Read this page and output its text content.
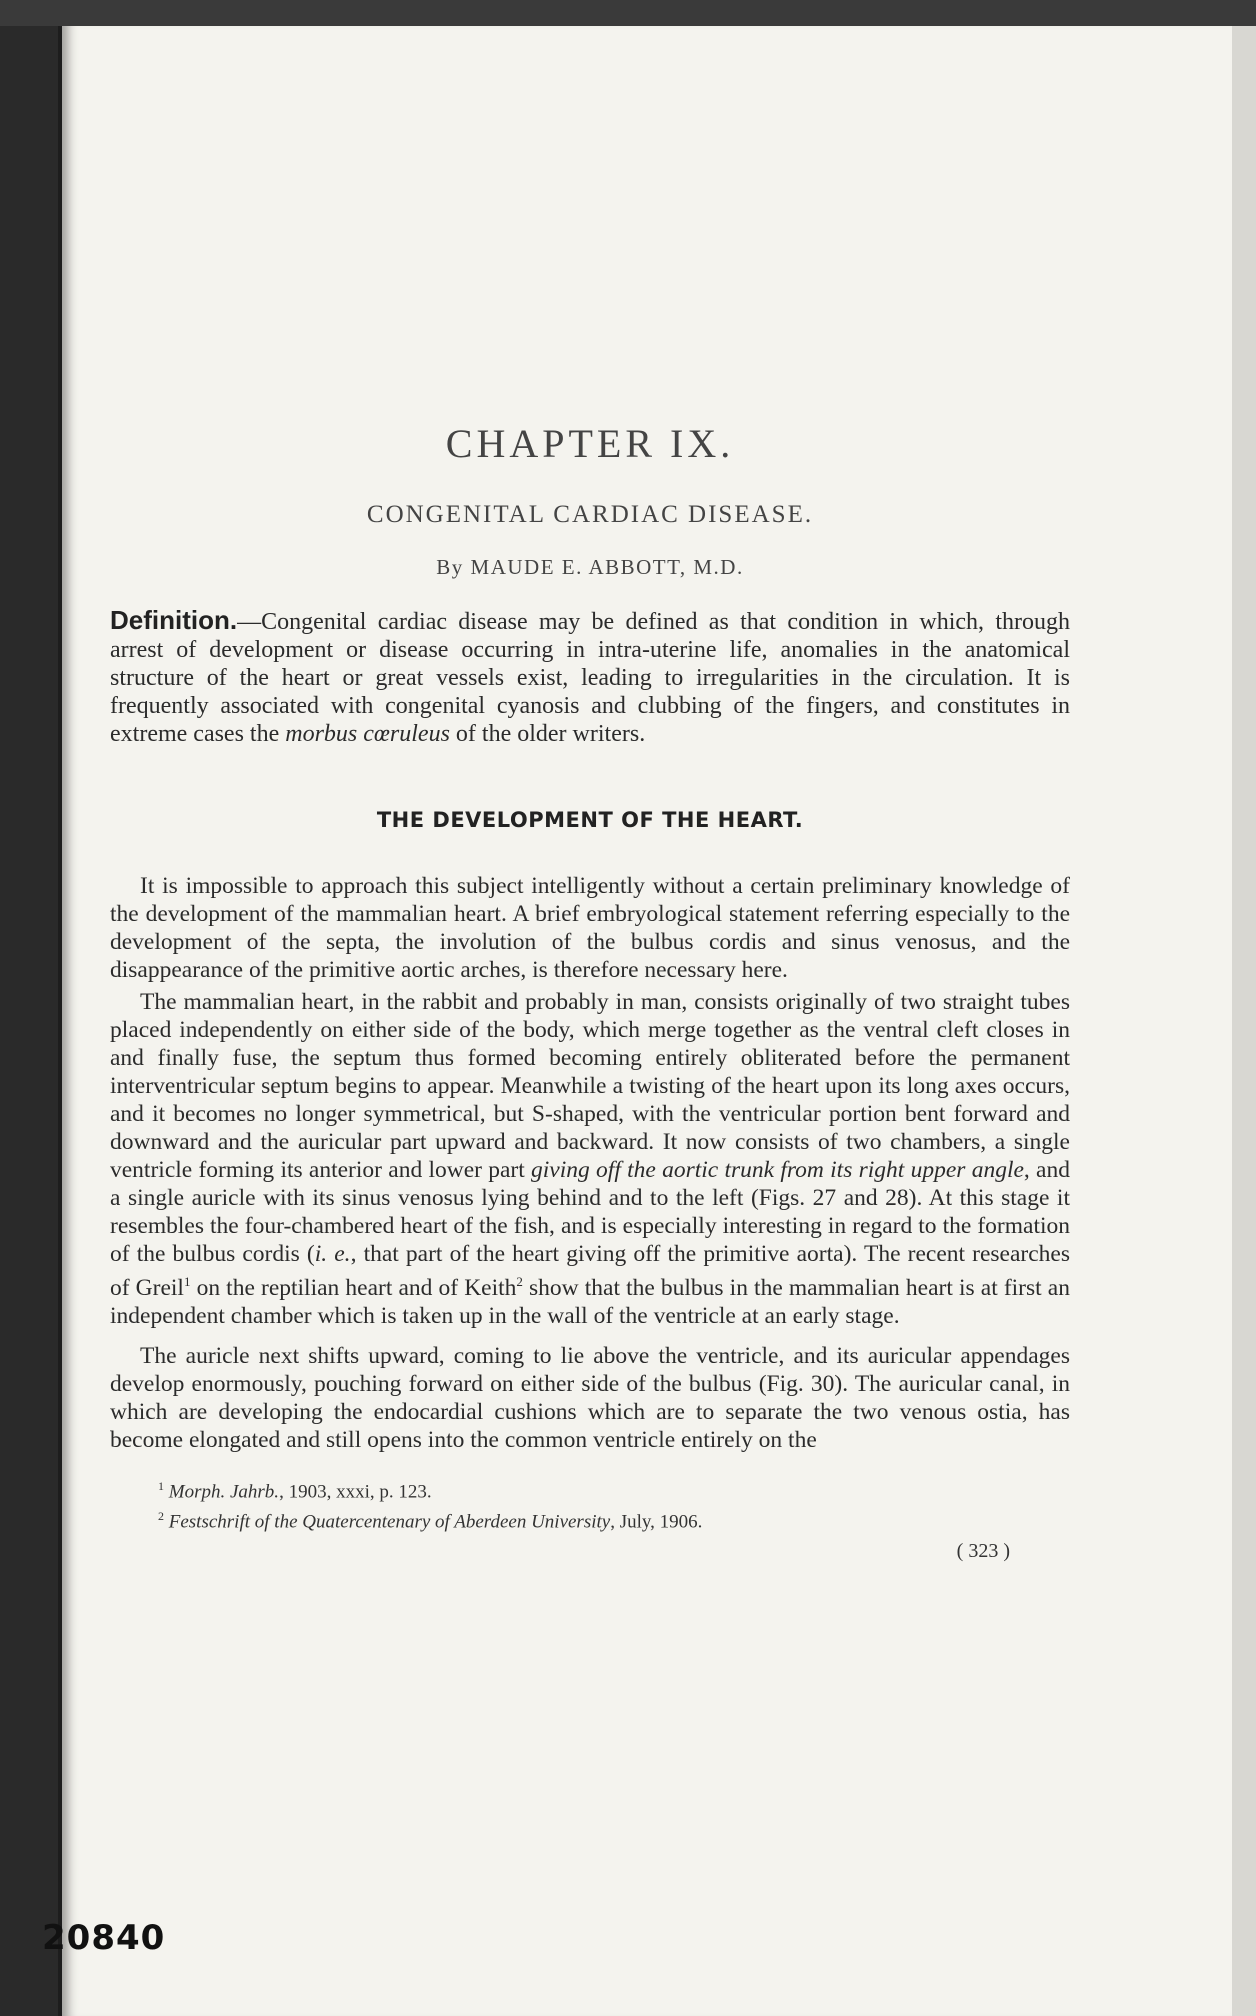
CHAPTER IX.
CONGENITAL CARDIAC DISEASE.
By MAUDE E. ABBOTT, M.D.

Definition.—Congenital cardiac disease may be defined as that condition in which, through arrest of development or disease occurring in intra-uterine life, anomalies in the anatomical structure of the heart or great vessels exist, leading to irregularities in the circulation. It is frequently associated with congenital cyanosis and clubbing of the fingers, and constitutes in extreme cases the morbus cœruleus of the older writers.

THE DEVELOPMENT OF THE HEART.

It is impossible to approach this subject intelligently without a certain preliminary knowledge of the development of the mammalian heart. A brief embryological statement referring especially to the development of the septa, the involution of the bulbus cordis and sinus venosus, and the disappearance of the primitive aortic arches, is therefore necessary here.

The mammalian heart, in the rabbit and probably in man, consists originally of two straight tubes placed independently on either side of the body, which merge together as the ventral cleft closes in and finally fuse, the septum thus formed becoming entirely obliterated before the permanent interventricular septum begins to appear. Meanwhile a twisting of the heart upon its long axes occurs, and it becomes no longer symmetrical, but S-shaped, with the ventricular portion bent forward and downward and the auricular part upward and backward. It now consists of two chambers, a single ventricle forming its anterior and lower part giving off the aortic trunk from its right upper angle, and a single auricle with its sinus venosus lying behind and to the left (Figs. 27 and 28). At this stage it resembles the four-chambered heart of the fish, and is especially interesting in regard to the formation of the bulbus cordis (i. e., that part of the heart giving off the primitive aorta). The recent researches of Greil$^1$ on the reptilian heart and of Keith$^2$ show that the bulbus in the mammalian heart is at first an independent chamber which is taken up in the wall of the ventricle at an early stage.

The auricle next shifts upward, coming to lie above the ventricle, and its auricular appendages develop enormously, pouching forward on either side of the bulbus (Fig. 30). The auricular canal, in which are developing the endocardial cushions which are to separate the two venous ostia, has become elongated and still opens into the common ventricle entirely on the

$^1$ Morph. Jahrb., 1903, xxxi, p. 123.
$^2$ Festschrift of the Quatercentenary of Aberdeen University, July, 1906.
( 323 )
20840
